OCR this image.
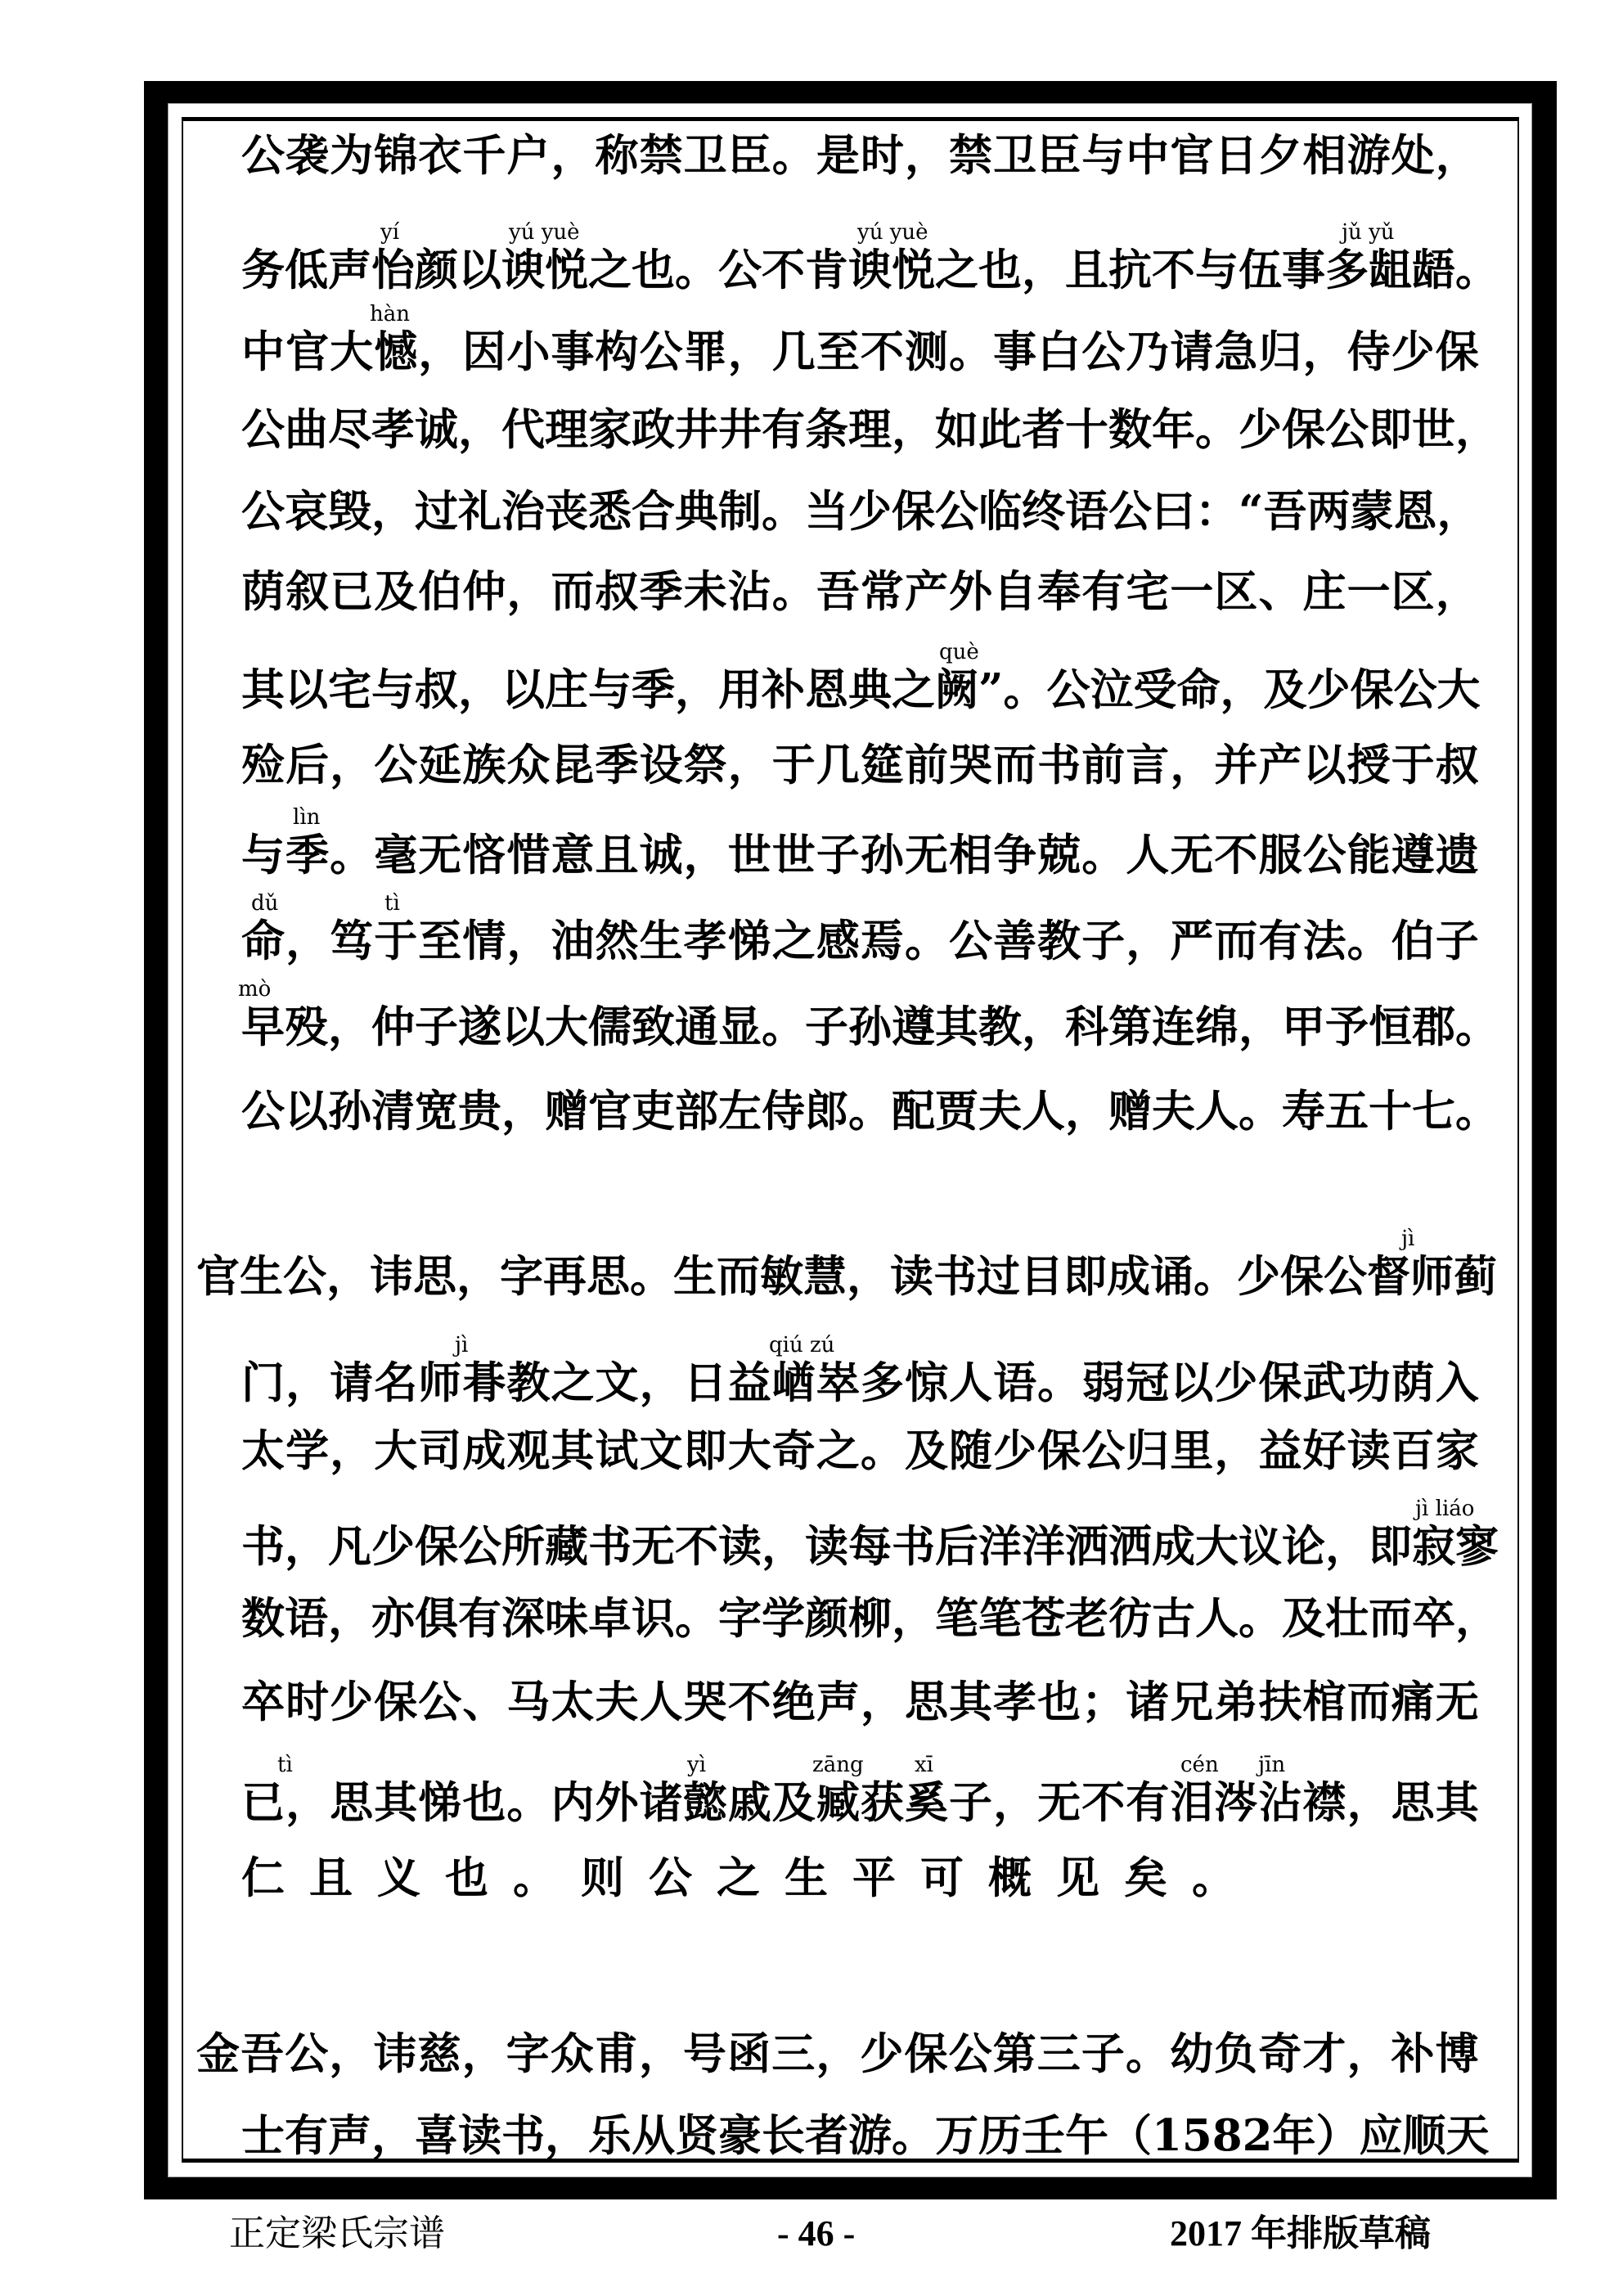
公 袭 为 锦 衣 千 户 ， 称 禁 卫 臣 。 是 时 ， 禁 卫 臣 与 中 官 日 夕 相 游 处 ，
务 低 声 怡 颜 以 谀 悦 之 也 。 公 不 肯 谀 悦 之 也 ， 且 抗 不 与 伍 事 多 龃 龉 。
yí	yú yuè	yú yuè	jǔ yǔ
中 官 大 憾 ， 因 小 事 构 公 罪 ， 几 至 不 测 。 事 白 公 乃 请 急 归 ， 侍 少 保
hàn
公 曲 尽 孝 诚 ， 代 理 家 政 井 井 有 条 理 ， 如 此 者 十 数 年 。 少 保 公 即 世 ，
公 哀 毁 ， 过 礼 治 丧 悉 合 典 制 。 当 少 保 公 临 终 语 公 曰 ： “ 吾 两 蒙 恩 ，
荫 叙 已 及 伯 仲 ， 而 叔 季 未 沾 。 吾 常 产 外 自 奉 有 宅 一 区 、 庄 一 区 ，
其 以 宅 与 叔 ， 以 庄 与 季 ， 用 补 恩 典 之 阙 ” 。 公 泣 受 命 ， 及 少 保 公 大
què
殓 后 ， 公 延 族 众 昆 季 设 祭 ， 于 几 筵 前 哭 而 书 前 言 ， 并 产 以 授 于 叔
与 季 。 毫 无 悋 惜 意 且 诚 ， 世 世 子 孙 无 相 争 兢 。 人 无 不 服 公 能 遵 遗
lìn
命 ， 笃 于 至 情 ， 油 然 生 孝 悌 之 感 焉 。 公 善 教 子 ， 严 而 有 法 。 伯 子
dǔ	tì
早 殁 ， 仲 子 遂 以 大 儒 致 通 显 。 子 孙 遵 其 教 ， 科 第 连 绵 ， 甲 予 恒 郡 。
mò
公 以 孙 清 宽 贵 ， 赠 官 吏 部 左 侍 郎 。 配 贾 夫 人 ， 赠 夫 人 。 寿 五 十 七 。
官 生 公 ， 讳 思 ， 字 再 思 。 生 而 敏 慧 ， 读 书 过 目 即 成 诵 。 少 保 公 督 师 蓟
jì
门 ， 请 名 师 朞 教 之 文 ， 日 益 崷 崒 多 惊 人 语 。 弱 冠 以 少 保 武 功 荫 入
jì	qiú zú
太 学 ， 大 司 成 观 其 试 文 即 大 奇 之 。 及 随 少 保 公 归 里 ， 益 好 读 百 家
书 ， 凡 少 保 公 所 藏 书 无 不 读 ， 读 每 书 后 洋 洋 洒 洒 成 大 议 论 ， 即 寂 寥
jì liáo
数 语 ， 亦 俱 有 深 味 卓 识 。 字 学 颜 柳 ， 笔 笔 苍 老 彷 古 人 。 及 壮 而 卒 ，
卒 时 少 保 公 、 马 太 夫 人 哭 不 绝 声 ， 思 其 孝 也 ； 诸 兄 弟 扶 棺 而 痛 无
已 ， 思 其 悌 也 。 内 外 诸 懿 戚 及 臧 获 奚 子 ， 无 不 有 泪 涔 沾 襟 ， 思 其
tì	yì	zāng xī	cén jīn
仁 且 义 也 。 则 公 之 生 平 可 概 见 矣 。
金 吾 公 ， 讳 慈 ， 字 众 甫 ， 号 函 三 ， 少 保 公 第 三 子 。 幼 负 奇 才 ， 补 博
士 有 声 ， 喜 读 书 ， 乐 从 贤 豪 长 者 游 。 万 历 壬 午 （ 1582 年 ） 应 顺 天
正定梁氏宗谱	- 46 -	2017 年排版草稿
